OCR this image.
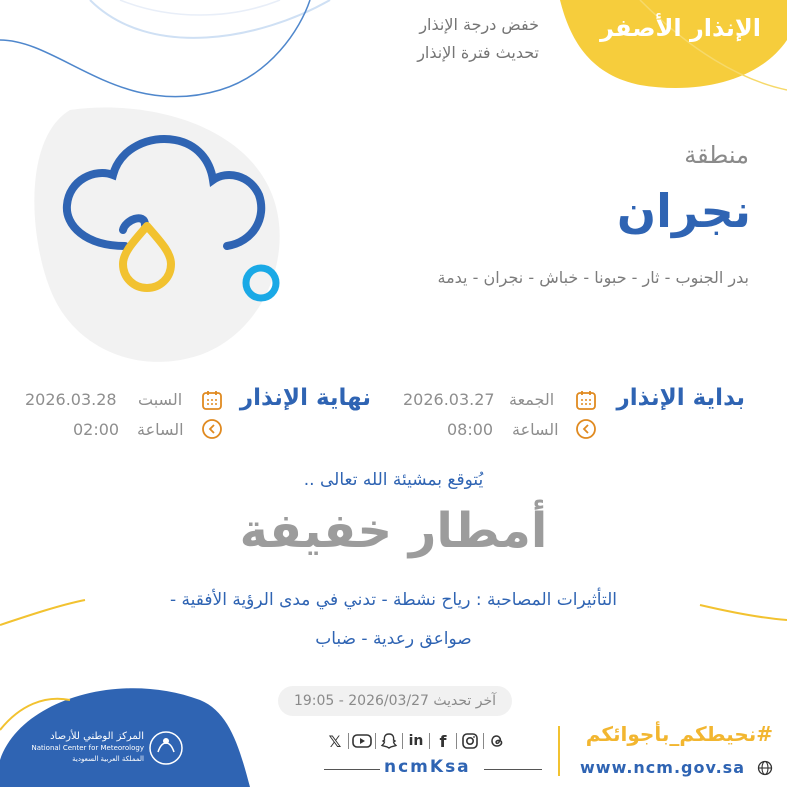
الإنذار الأصفر
خفض درجة الإنذار
تحديث فترة الإنذار
منطقة
نجران
بدر الجنوب - ثار - حبونا - خباش - نجران - يدمة
بداية الإنذار
الجمعة
2026.03.27
الساعة
08:00
نهاية الإنذار
السبت
2026.03.28
الساعة
02:00
يُتوقع بمشيئة الله تعالى ..
أمطار خفيفة
التأثيرات المصاحبة : رياح نشطة - تدني في مدى الرؤية الأفقية -
صواعق رعدية - ضباب
آخر تحديث 2026/03/27 - 19:05
المركز الوطني للأرصاد
National Center for Meteorology
المملكة العربية السعودية
𝕏	in	f
ncmKsa
#نحيطكم_بأجوائكم
www.ncm.gov.sa
